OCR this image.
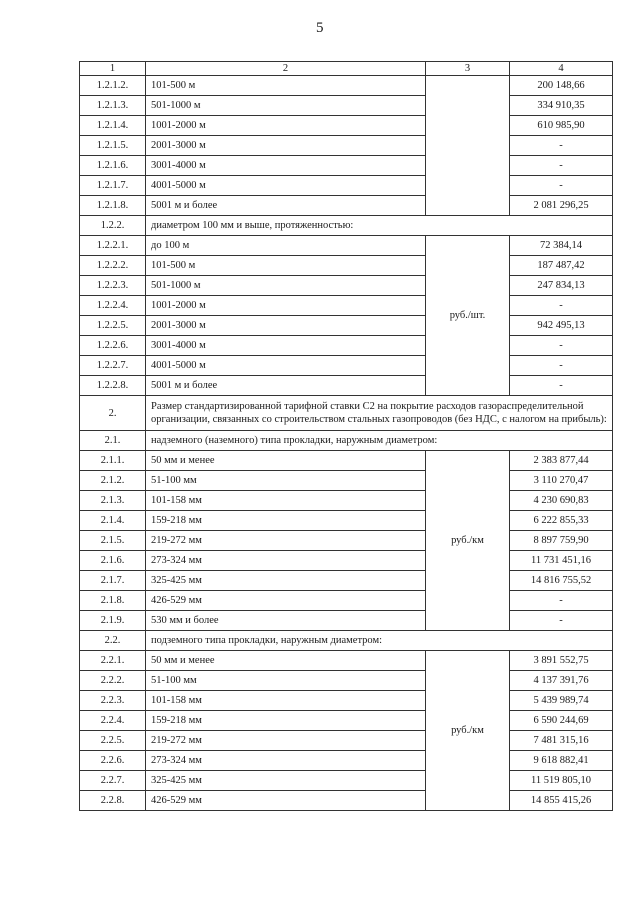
5
1	2	3	4
1.2.1.2.	101-500 м		200 148,66
1.2.1.3.	501-1000 м		334 910,35
1.2.1.4.	1001-2000 м		610 985,90
1.2.1.5.	2001-3000 м		-
1.2.1.6.	3001-4000 м		-
1.2.1.7.	4001-5000 м		-
1.2.1.8.	5001 м и более		2 081 296,25
1.2.2.	диаметром 100 мм и выше, протяженностью:		
1.2.2.1.	до 100 м	руб./шт.	72 384,14
1.2.2.2.	101-500 м		187 487,42
1.2.2.3.	501-1000 м		247 834,13
1.2.2.4.	1001-2000 м		-
1.2.2.5.	2001-3000 м		942 495,13
1.2.2.6.	3001-4000 м		-
1.2.2.7.	4001-5000 м		-
1.2.2.8.	5001 м и более		-
2.	Размер стандартизированной тарифной ставки С2 на покрытие расходов газораспределительной организации, связанных со строительством стальных газопроводов (без НДС, с налогом на прибыль):		
2.1.	надземного (наземного) типа прокладки, наружным диаметром:		
2.1.1.	50 мм и менее	руб./км	2 383 877,44
2.1.2.	51-100 мм		3 110 270,47
2.1.3.	101-158 мм		4 230 690,83
2.1.4.	159-218 мм		6 222 855,33
2.1.5.	219-272 мм		8 897 759,90
2.1.6.	273-324 мм		11 731 451,16
2.1.7.	325-425 мм		14 816 755,52
2.1.8.	426-529 мм		-
2.1.9.	530 мм и более		-
2.2.	подземного типа прокладки, наружным диаметром:		
2.2.1.	50 мм и менее	руб./км	3 891 552,75
2.2.2.	51-100 мм		4 137 391,76
2.2.3.	101-158 мм		5 439 989,74
2.2.4.	159-218 мм		6 590 244,69
2.2.5.	219-272 мм		7 481 315,16
2.2.6.	273-324 мм		9 618 882,41
2.2.7.	325-425 мм		11 519 805,10
2.2.8.	426-529 мм		14 855 415,26
